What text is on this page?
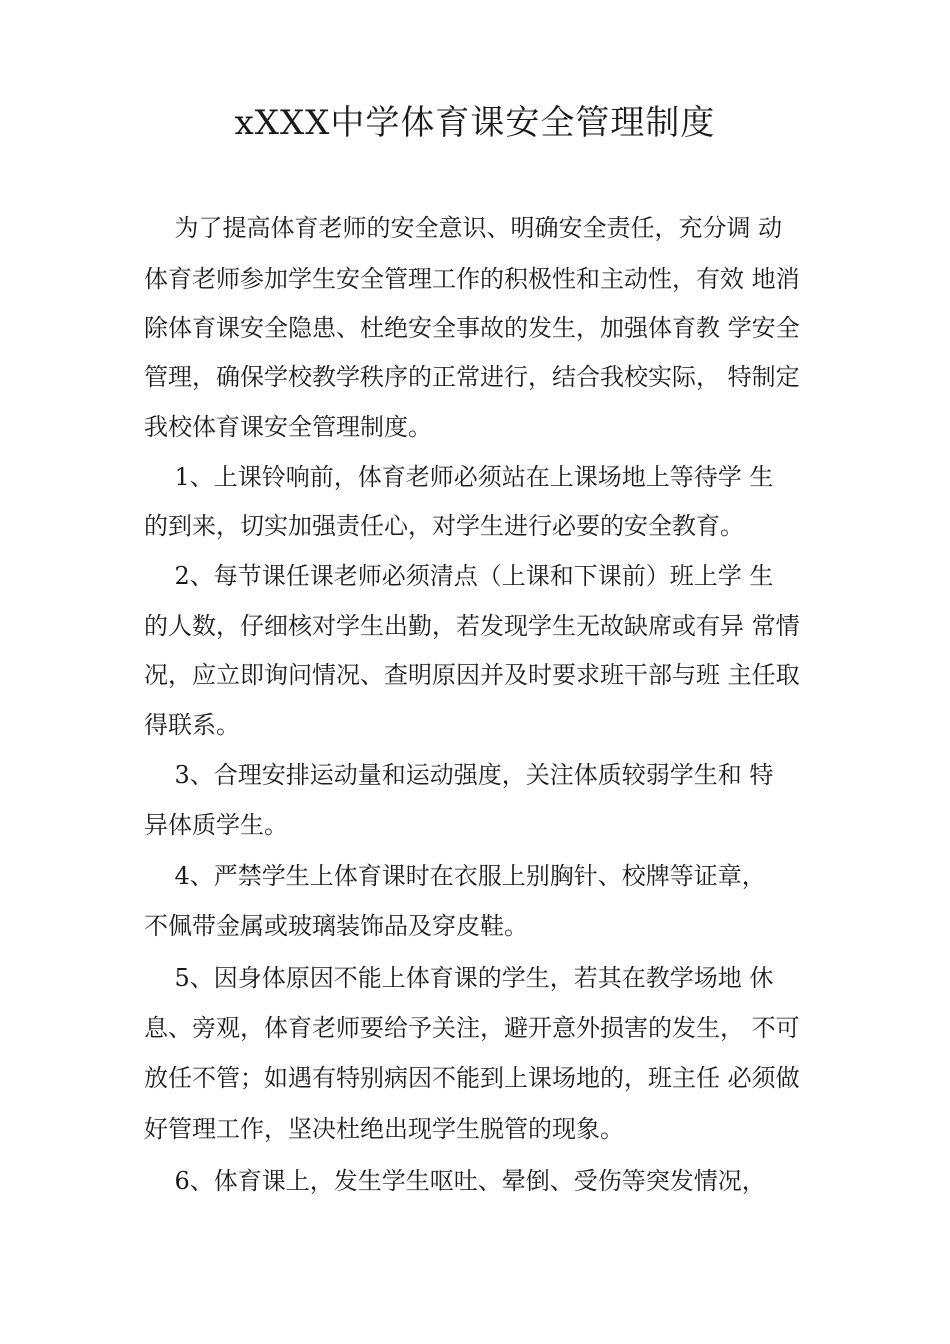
xXXX中学体育课安全管理制度
为了提高体育老师的安全意识、明确安全责任，充分调 动
体育老师参加学生安全管理工作的积极性和主动性，有效 地消
除体育课安全隐患、杜绝安全事故的发生，加强体育教 学安全
管理，确保学校教学秩序的正常进行，结合我校实际， 特制定
我校体育课安全管理制度。
1、上课铃响前，体育老师必须站在上课场地上等待学 生
的到来，切实加强责任心，对学生进行必要的安全教育。
2、每节课任课老师必须清点（上课和下课前）班上学 生
的人数，仔细核对学生出勤，若发现学生无故缺席或有异 常情
况，应立即询问情况、查明原因并及时要求班干部与班 主任取
得联系。
3、合理安排运动量和运动强度，关注体质较弱学生和 特
异体质学生。
4、严禁学生上体育课时在衣服上别胸针、校牌等证章，
不佩带金属或玻璃装饰品及穿皮鞋。
5、因身体原因不能上体育课的学生，若其在教学场地 休
息、旁观，体育老师要给予关注，避开意外损害的发生， 不可
放任不管；如遇有特别病因不能到上课场地的，班主任 必须做
好管理工作，坚决杜绝出现学生脱管的现象。
6、体育课上，发生学生呕吐、晕倒、受伤等突发情况，
